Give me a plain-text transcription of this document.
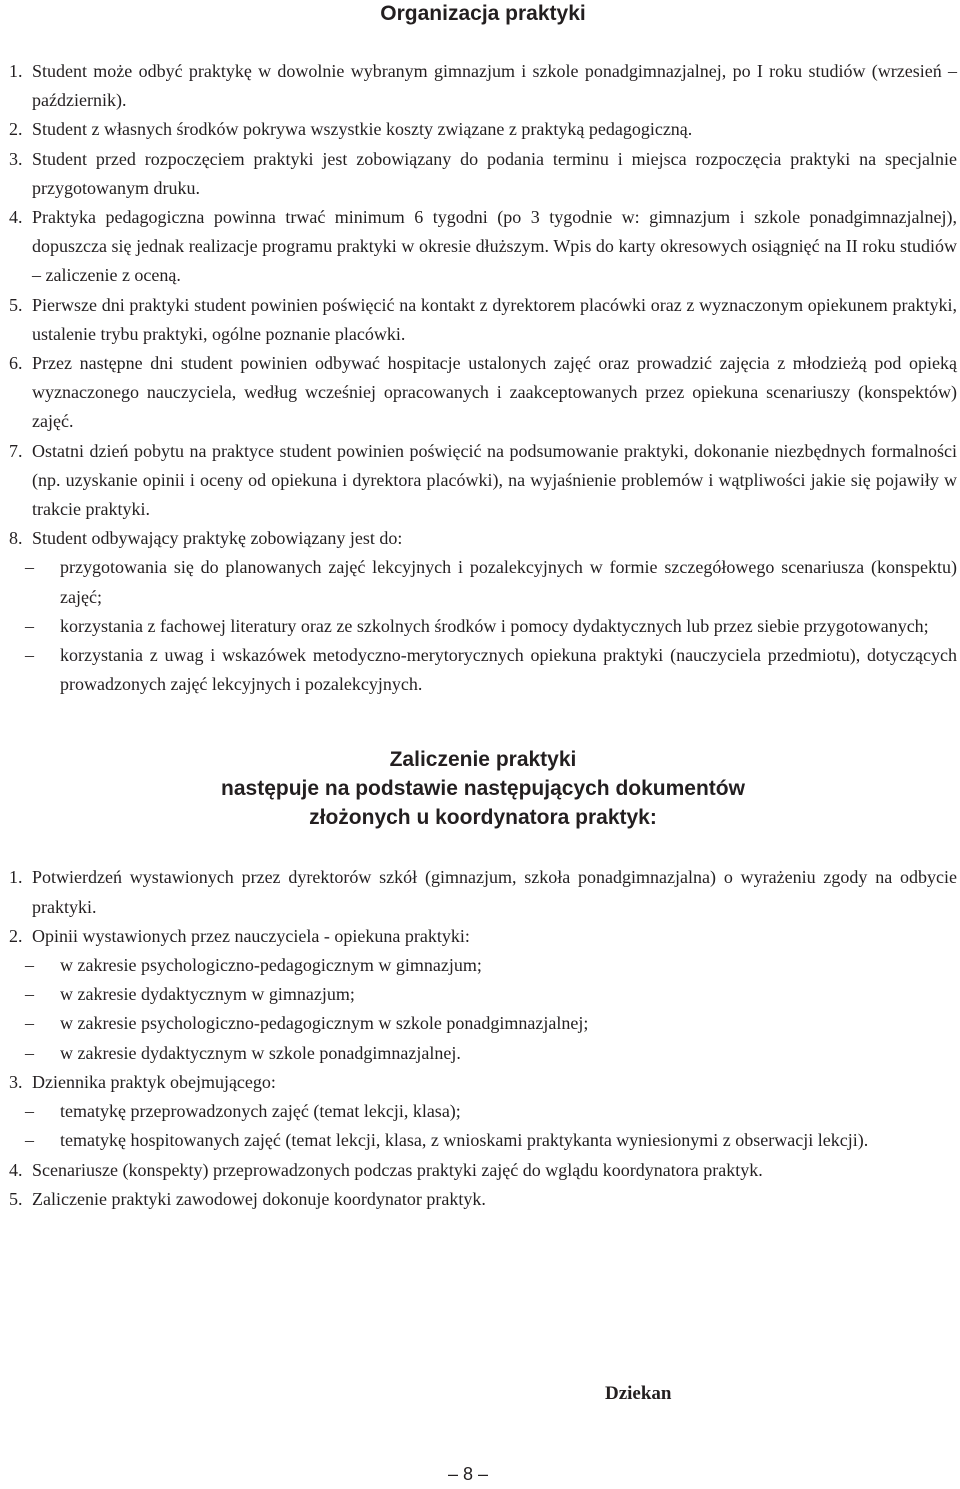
Organizacja praktyki
1. Student może odbyć praktykę w dowolnie wybranym gimnazjum i szkole ponadgimnazjalnej, po I roku studiów (wrzesień – październik).
2. Student z własnych środków pokrywa wszystkie koszty związane z praktyką pedagogiczną.
3. Student przed rozpoczęciem praktyki jest zobowiązany do podania terminu i miejsca rozpoczęcia praktyki na specjalnie przygotowanym druku.
4. Praktyka pedagogiczna powinna trwać minimum 6 tygodni (po 3 tygodnie w: gimnazjum i szkole ponadgimnazjalnej), dopuszcza się jednak realizacje programu praktyki w okresie dłuższym. Wpis do karty okresowych osiągnięć na II roku studiów – zaliczenie z oceną.
5. Pierwsze dni praktyki student powinien poświęcić na kontakt z dyrektorem placówki oraz z wyznaczonym opiekunem praktyki, ustalenie trybu praktyki, ogólne poznanie placówki.
6. Przez następne dni student powinien odbywać hospitacje ustalonych zajęć oraz prowadzić zajęcia z młodzieżą pod opieką wyznaczonego nauczyciela, według wcześniej opracowanych i zaakceptowanych przez opiekuna scenariuszy (konspektów) zajęć.
7. Ostatni dzień pobytu na praktyce student powinien poświęcić na podsumowanie praktyki, dokonanie niezbędnych formalności (np. uzyskanie opinii i oceny od opiekuna i dyrektora placówki), na wyjaśnienie problemów i wątpliwości jakie się pojawiły w trakcie praktyki.
8. Student odbywający praktykę zobowiązany jest do:
– przygotowania się do planowanych zajęć lekcyjnych i pozalekcyjnych w formie szczegółowego scenariusza (konspektu) zajęć;
– korzystania z fachowej literatury oraz ze szkolnych środków i pomocy dydaktycznych lub przez siebie przygotowanych;
– korzystania z uwag i wskazówek metodyczno-merytorycznych opiekuna praktyki (nauczyciela przedmiotu), dotyczących prowadzonych zajęć lekcyjnych i pozalekcyjnych.
Zaliczenie praktyki
następuje na podstawie następujących dokumentów
złożonych u koordynatora praktyk:
1. Potwierdzeń wystawionych przez dyrektorów szkół (gimnazjum, szkoła ponadgimnazjalna) o wyrażeniu zgody na odbycie praktyki.
2. Opinii wystawionych przez nauczyciela - opiekuna praktyki:
– w zakresie psychologiczno-pedagogicznym w gimnazjum;
– w zakresie dydaktycznym w gimnazjum;
– w zakresie psychologiczno-pedagogicznym w szkole ponadgimnazjalnej;
– w zakresie dydaktycznym w szkole ponadgimnazjalnej.
3. Dziennika praktyk obejmującego:
– tematykę przeprowadzonych zajęć (temat lekcji, klasa);
– tematykę hospitowanych zajęć (temat lekcji, klasa, z wnioskami praktykanta wyniesionymi z obserwacji lekcji).
4. Scenariusze (konspekty) przeprowadzonych podczas praktyki zajęć do wglądu koordynatora praktyk.
5. Zaliczenie praktyki zawodowej dokonuje koordynator praktyk.
Dziekan
– 8 –
